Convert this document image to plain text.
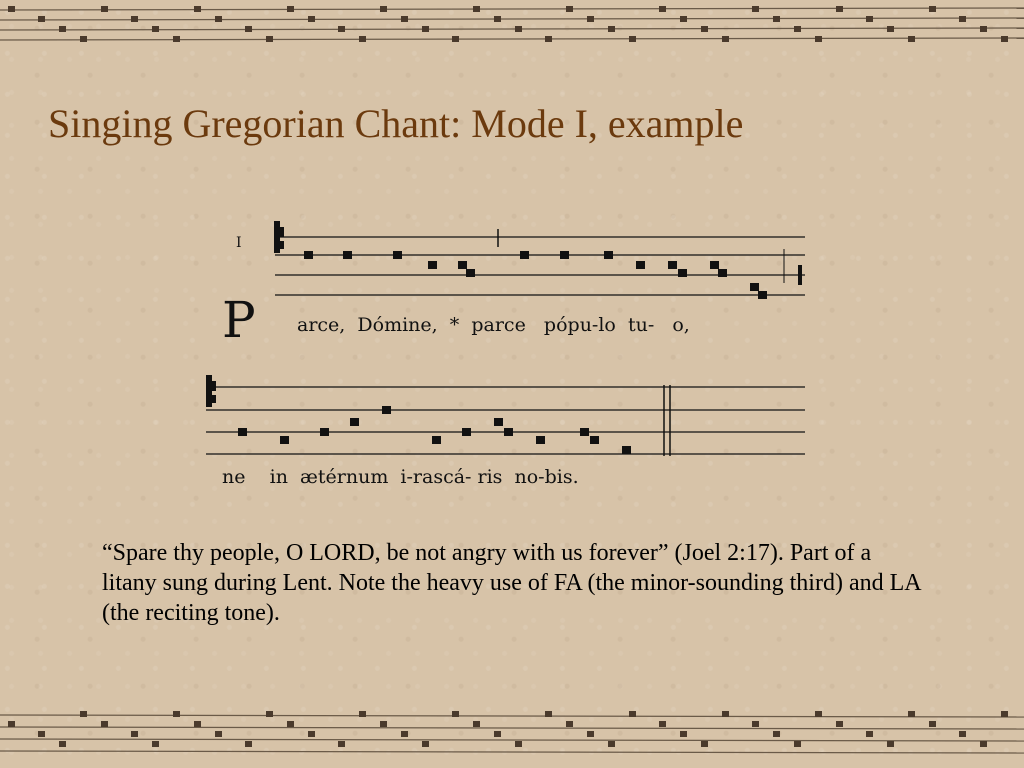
Singing Gregorian Chant: Mode I, example
I
P arce,  Dómine,  *  parce   pópu-lo  tu-   o,
ne    in  ætérnum  i-rascá- ris  no-bis.

“Spare thy people, O LORD, be not angry with us forever” (Joel 2:17). Part of a litany sung during Lent. Note the heavy use of FA (the minor-sounding third) and LA (the reciting tone).
